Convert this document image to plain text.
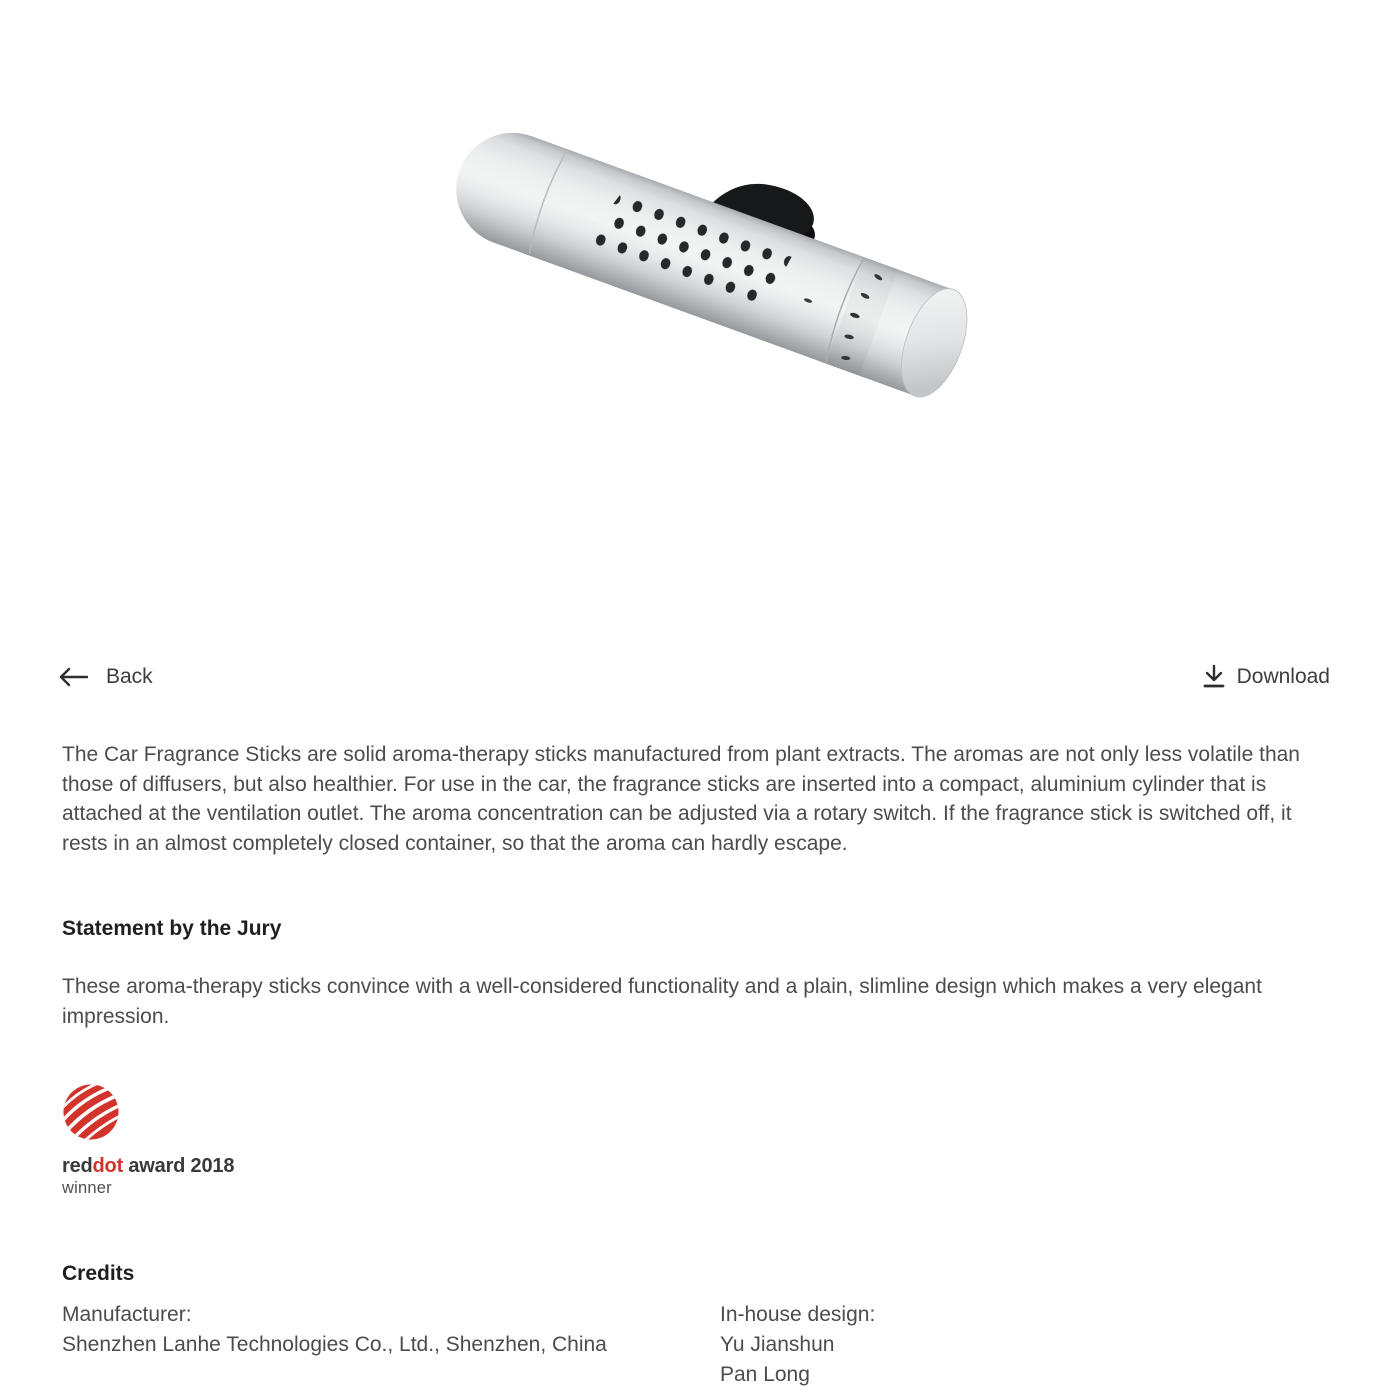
Back	Download

The Car Fragrance Sticks are solid aroma-therapy sticks manufactured from plant extracts. The aromas are not only less volatile than those of diffusers, but also healthier. For use in the car, the fragrance sticks are inserted into a compact, aluminium cylinder that is attached at the ventilation outlet. The aroma concentration can be adjusted via a rotary switch. If the fragrance stick is switched off, it rests in an almost completely closed container, so that the aroma can hardly escape.

Statement by the Jury

These aroma-therapy sticks convince with a well-considered functionality and a plain, slimline design which makes a very elegant impression.

reddot award 2018
winner
Credits
Manufacturer:
Shenzhen Lanhe Technologies Co., Ltd., Shenzhen, China
In-house design:
Yu Jianshun
Pan Long
